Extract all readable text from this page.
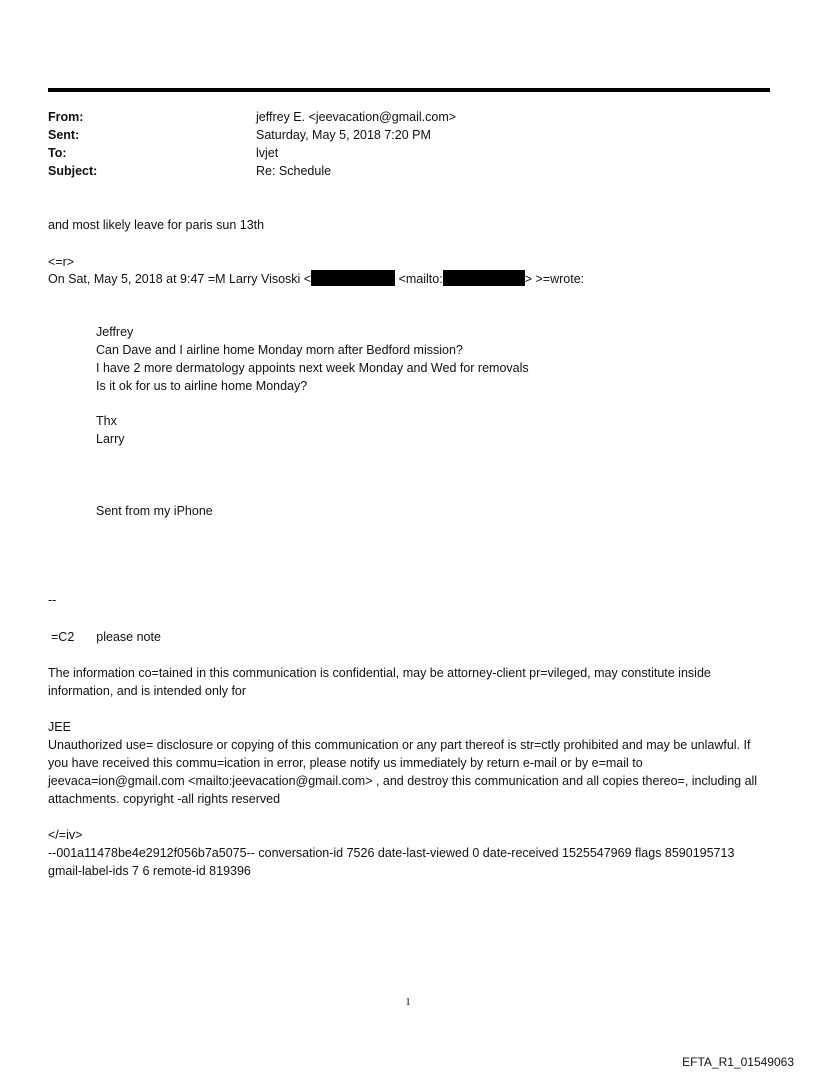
From:	jeffrey E. <jeevacation@gmail.com>
Sent:	Saturday, May 5, 2018 7:20 PM
To:	lvjet
Subject:	Re: Schedule
and most likely leave for paris sun 13th
<=r>
On Sat, May 5, 2018 at 9:47 =M Larry Visoski <	<mailto:	> >=wrote:
Jeffrey
Can Dave and I airline home Monday morn after Bedford mission?
I have 2 more dermatology appoints next week Monday and Wed for removals
Is it ok for us to airline home Monday?
Thx
Larry
Sent from my iPhone
--
=C2 please note
The information co=tained in this communication is confidential, may be attorney-client pr=vileged, may constitute inside information, and is intended only for
JEE
Unauthorized use= disclosure or copying of this communication or any part thereof is str=ctly prohibited and may be unlawful. If you have received this commu=ication in error, please notify us immediately by return e-mail or by e=mail to jeevaca=ion@gmail.com <mailto:jeevacation@gmail.com> , and destroy this communication and all copies thereo=, including all attachments. copyright -all rights reserved
</=iv>
--001a11478be4e2912f056b7a5075-- conversation-id 7526 date-last-viewed 0 date-received 1525547969 flags 8590195713 gmail-label-ids 7 6 remote-id 819396
1
EFTA_R1_01549063
